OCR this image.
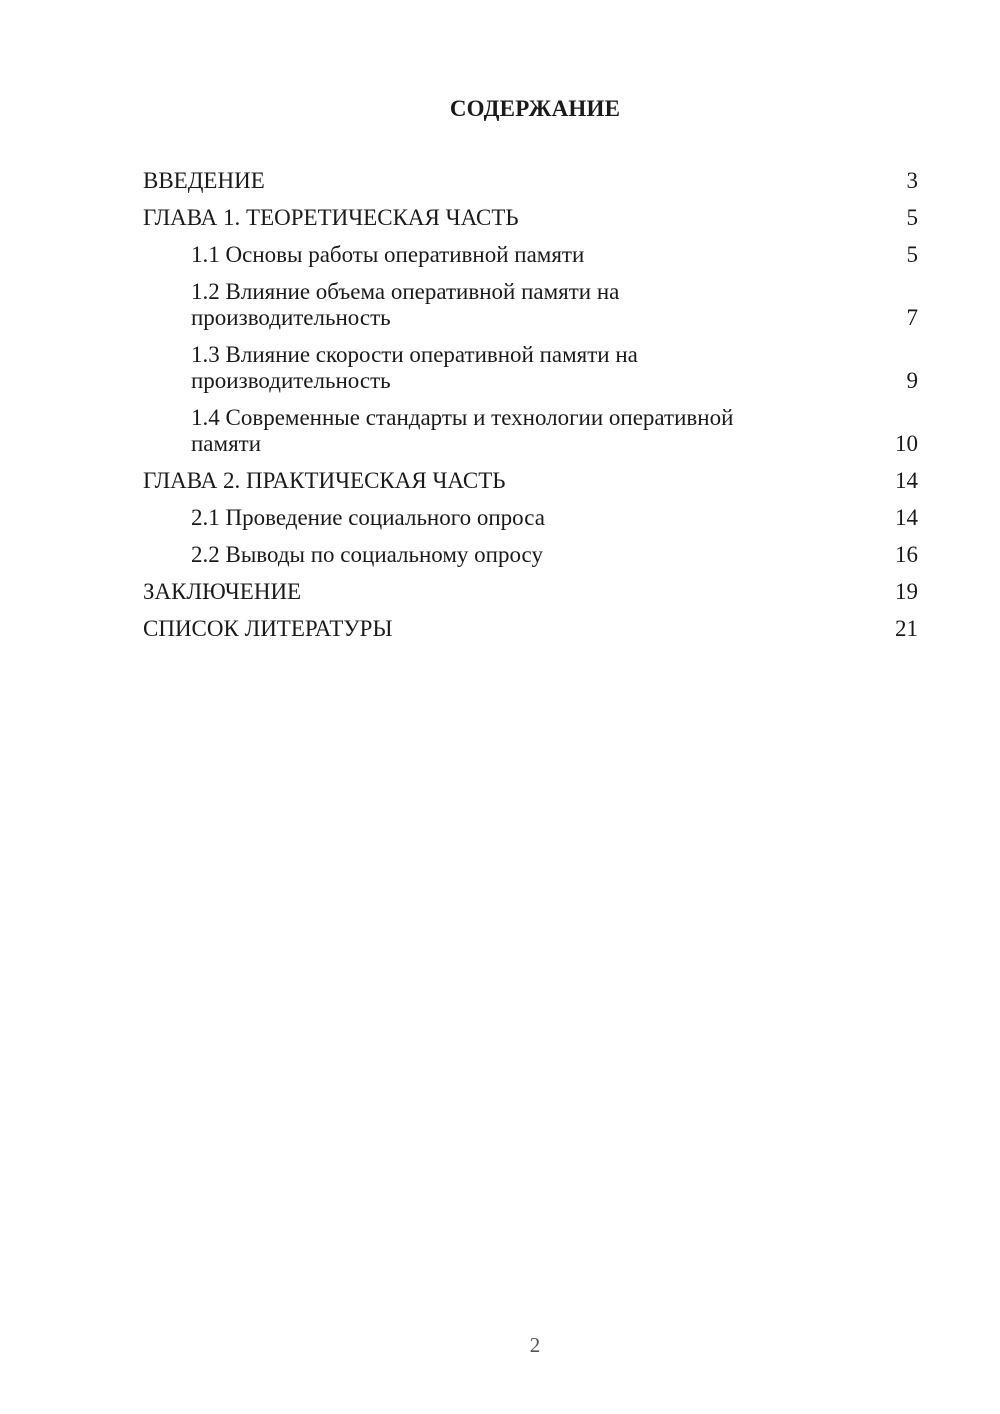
СОДЕРЖАНИЕ
ВВЕДЕНИЕ	3
ГЛАВА 1. ТЕОРЕТИЧЕСКАЯ ЧАСТЬ	5
1.1 Основы работы оперативной памяти	5
1.2 Влияние объема оперативной памяти на производительность	7
1.3 Влияние скорости оперативной памяти на производительность	9
1.4 Современные стандарты и технологии оперативной памяти	10
ГЛАВА 2. ПРАКТИЧЕСКАЯ ЧАСТЬ	14
2.1 Проведение социального опроса	14
2.2 Выводы по социальному опросу	16
ЗАКЛЮЧЕНИЕ	19
СПИСОК ЛИТЕРАТУРЫ	21
2
